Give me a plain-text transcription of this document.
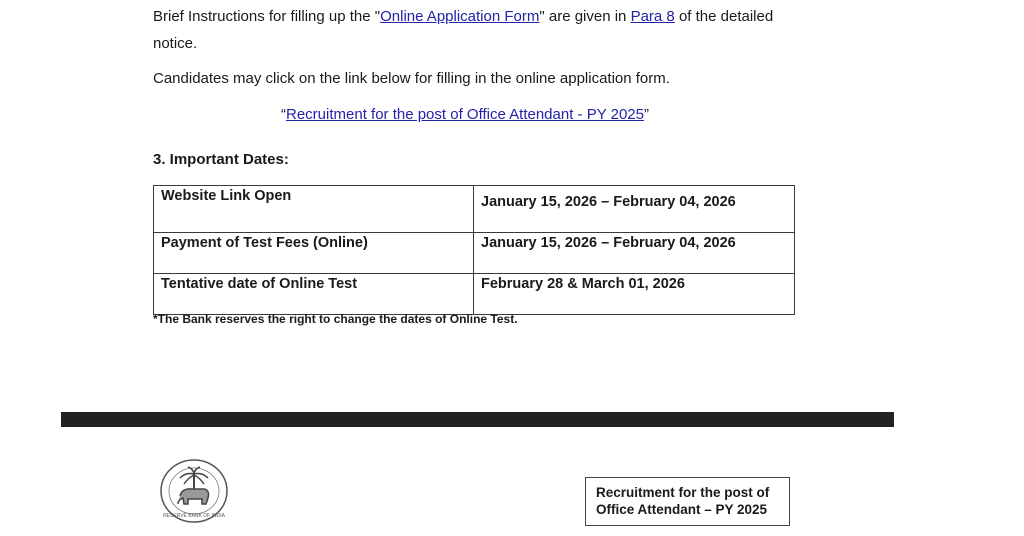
Brief Instructions for filling up the "Online Application Form" are given in Para 8 of the detailed
notice.
Candidates may click on the link below for filling in the online application form.
“Recruitment for the post of Office Attendant - PY 2025”
3. Important Dates:
Website Link Open	January 15, 2026 – February 04, 2026
Payment of Test Fees (Online)	January 15, 2026 – February 04, 2026
Tentative date of Online Test	February 28 & March 01, 2026
*The Bank reserves the right to change the dates of Online Test.
RESERVE BANK OF INDIA
Recruitment for the post of
Office Attendant – PY 2025
